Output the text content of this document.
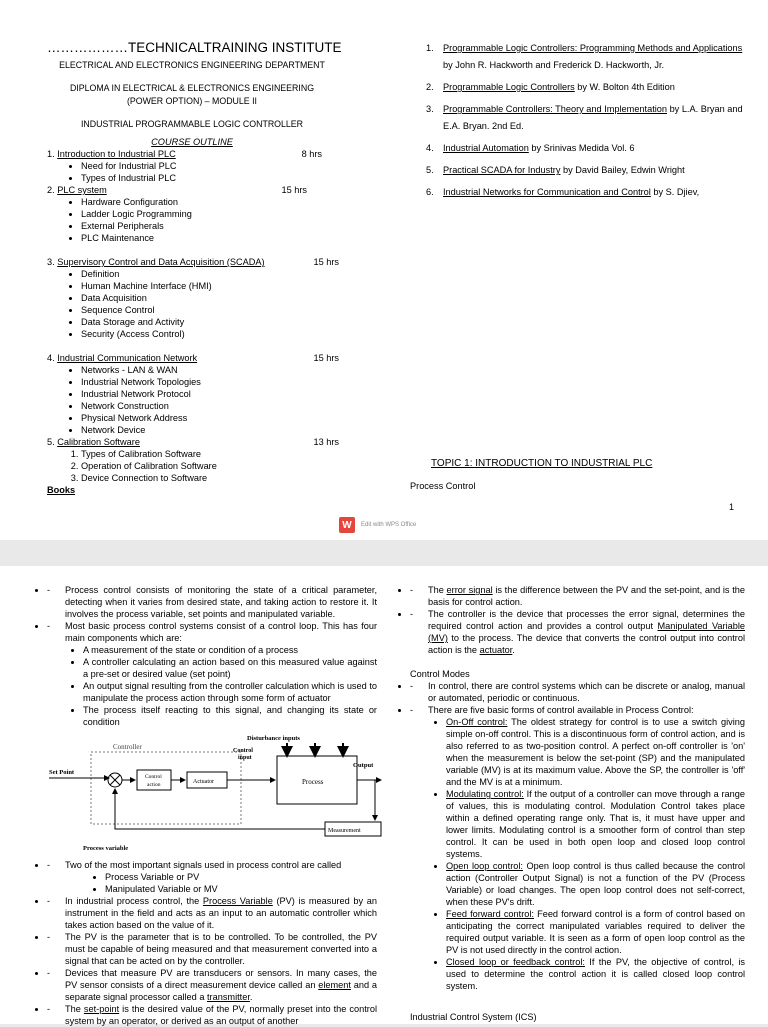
………………TECHNICALTRAINING INSTITUTE
ELECTRICAL AND ELECTRONICS ENGINEERING DEPARTMENT
DIPLOMA IN ELECTRICAL & ELECTRONICS ENGINEERING
(POWER OPTION) – MODULE II
INDUSTRIAL PROGRAMMABLE LOGIC CONTROLLER
COURSE OUTLINE
1. Introduction to Industrial PLC	8 hrs
• Need for Industrial PLC
• Types of Industrial PLC
2. PLC system	15 hrs
• Hardware Configuration
• Ladder Logic Programming
• External Peripherals
• PLC Maintenance
3. Supervisory Control and Data Acquisition (SCADA)	15 hrs
• Definition
• Human Machine Interface (HMI)
• Data Acquisition
• Sequence Control
• Data Storage and Activity
• Security (Access Control)
4. Industrial Communication Network	15 hrs
• Networks - LAN & WAN
• Industrial Network Topologies
• Industrial Network Protocol
• Network Construction
• Physical Network Address
• Network Device
5. Calibration Software	13 hrs
1. Types of Calibration Software
2. Operation of Calibration Software
3. Device Connection to Software
Books
1.	Programmable Logic Controllers: Programming Methods and Applications by John R. Hackworth and Frederick D. Hackworth, Jr.
2.	Programmable Logic Controllers by W. Bolton 4th Edition
3.	Programmable Controllers: Theory and Implementation by L.A. Bryan and E.A. Bryan. 2nd Ed.
4.	Industrial Automation by Srinivas Medida Vol. 6
5.	Practical SCADA for Industry by David Bailey, Edwin Wright
6.	Industrial Networks for Communication and Control by S. Djiev,
TOPIC 1: INTRODUCTION TO INDUSTRIAL PLC
Process Control
1
W	Edit with WPS Office
- • Process control consists of monitoring the state of a critical parameter, detecting when it varies from desired state, and taking action to restore it. It involves the process variable, set points and manipulated variable.
- • Most basic process control systems consist of a control loop. This has four main components which are:
• A measurement of the state or condition of a process
• A controller calculating an action based on this measured value against a pre-set or desired value (set point)
• An output signal resulting from the controller calculation which is used to manipulate the process action through some form of actuator
• The process itself reacting to this signal, and changing its state or condition
Disturbance inputs
Controller	Control
input
Set Point
Control
action	Actuator	Process
Output
Measurement
Process variable
- • Two of the most important signals used in process control are called
• Process Variable or PV
• Manipulated Variable or MV
- • In industrial process control, the Process Variable (PV) is measured by an instrument in the field and acts as an input to an automatic controller which takes action based on the value of it.
- • The PV is the parameter that is to be controlled. To be controlled, the PV must be capable of being measured and that measurement converted into a signal that can be acted on by the controller.
- • Devices that measure PV are transducers or sensors. In many cases, the PV sensor consists of a direct measurement device called an element and a separate signal processor called a transmitter.
- • The set-point is the desired value of the PV, normally preset into the control system by an operator, or derived as an output of another
- • The error signal is the difference between the PV and the set-point, and is the basis for control action.
- • The controller is the device that processes the error signal, determines the required control action and provides a control output Manipulated Variable (MV) to the process. The device that converts the control output into control action is the actuator.
Control Modes
- • In control, there are control systems which can be discrete or analog, manual or automated, periodic or continuous.
- • There are five basic forms of control available in Process Control:
• On-Off control: The oldest strategy for control is to use a switch giving simple on-off control. This is a discontinuous form of control action, and is also referred to as two-position control. A perfect on-off controller is 'on' when the measurement is below the set-point (SP) and the manipulated variable (MV) is at its maximum value. Above the SP, the controller is 'off' and the MV is at a minimum.
• Modulating control: If the output of a controller can move through a range of values, this is modulating control. Modulation Control takes place within a defined operating range only. That is, it must have upper and lower limits. Modulating control is a smoother form of control than step control. It can be used in both open loop and closed loop control systems.
• Open loop control: Open loop control is thus called because the control action (Controller Output Signal) is not a function of the PV (Process Variable) or load changes. The open loop control does not self-correct, when these PV's drift.
• Feed forward control: Feed forward control is a form of control based on anticipating the correct manipulated variables required to deliver the required output variable. It is seen as a form of open loop control as the PV is not used directly in the control action.
• Closed loop or feedback control: If the PV, the objective of control, is used to determine the control action it is called closed loop control system.
Industrial Control System (ICS)
